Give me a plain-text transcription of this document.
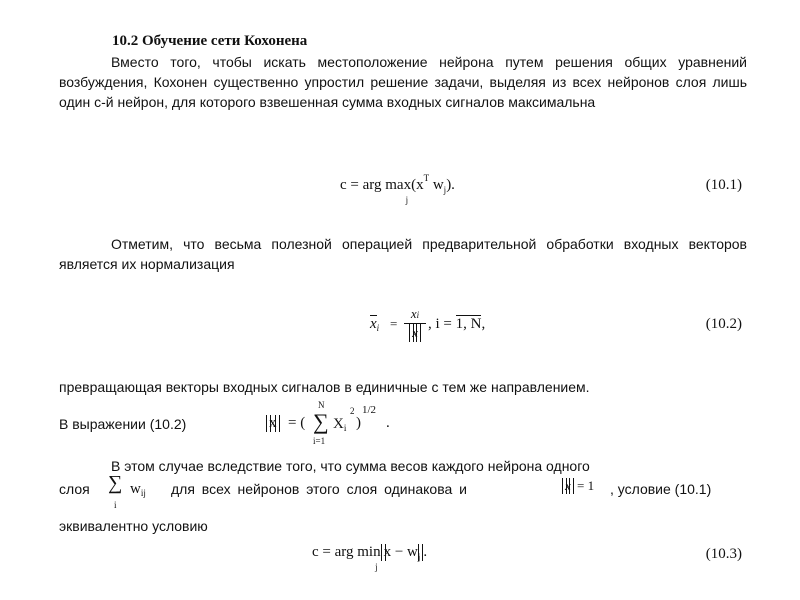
10.2 Обучение сети Кохонена
Вместо того, чтобы искать местоположение нейрона путем решения общих уравнений возбуждения, Кохонен существенно упростил решение задачи, выделяя из всех нейронов слоя лишь один с-й нейрон, для которого взвешенная сумма входных сигналов максимальна
c = arg max
j
($x^T$ $w_j$).	(10.1)
Отметим, что весьма полезной операцией предварительной обработки входных векторов является их нормализация
$x_i$ =
xi
x
, i = 1, N,	(10.2)
превращающая векторы входных сигналов в единичные с тем же направлением.
В выражении (10.2)	x = (
N
∑
i=1
$X_i$
2
)
1/2
.
В этом случае вследствие того, что сумма весов каждого нейрона одного
слоя ∑
i
$w_{ij}$ для всех нейронов этого слоя одинакова и	x = 1 , условие (10.1)
эквивалентно условию
c = arg min
j
$x - w_j$ .	(10.3)
